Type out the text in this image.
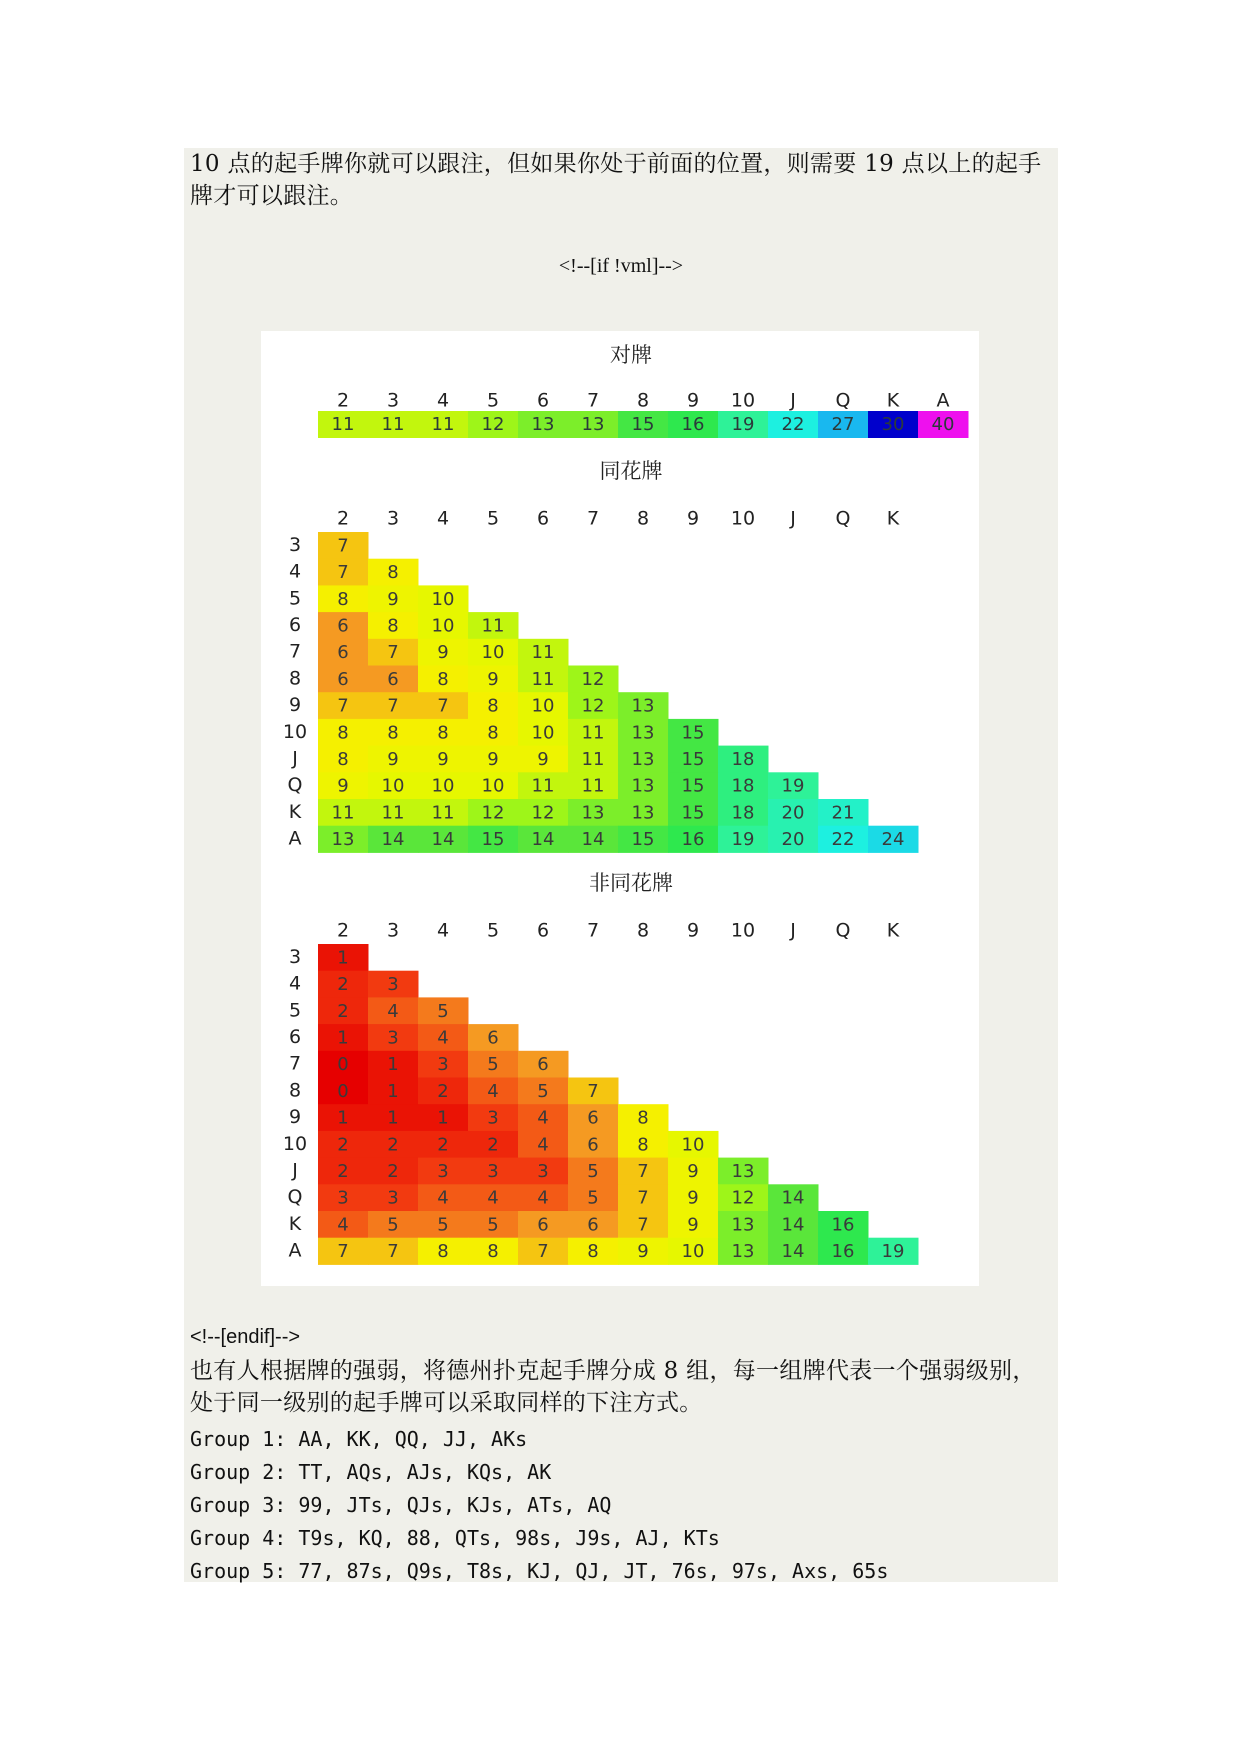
10 点的起手牌你就可以跟注，但如果你处于前面的位置，则需要 19 点以上的起手牌才可以跟注。
<!--[if !vml]-->
对牌
2 3 4 5 6 7 8 9 10 J Q K A
11 11 11 12 13 13 15 16 19 22 27 30 40
同花牌
2 3 4 5 6 7 8 9 10 J Q K
3 7
4 7 8
5 8 9 10
6 6 8 10 11
7 6 7 9 10 11
8 6 6 8 9 11 12
9 7 7 7 8 10 12 13
10 8 8 8 8 10 11 13 15
J 8 9 9 9 9 11 13 15 18
Q 9 10 10 10 11 11 13 15 18 19
K 11 11 11 12 12 13 13 15 18 20 21
A 13 14 14 15 14 14 15 16 19 20 22 24
非同花牌
2 3 4 5 6 7 8 9 10 J Q K
3 1
4 2 3
5 2 4 5
6 1 3 4 6
7 0 1 3 5 6
8 0 1 2 4 5 7
9 1 1 1 3 4 6 8
10 2 2 2 2 4 6 8 10
J 2 2 3 3 3 5 7 9 13
Q 3 3 4 4 4 5 7 9 12 14
K 4 5 5 5 6 6 7 9 13 14 16
A 7 7 8 8 7 8 9 10 13 14 16 19
<!--[endif]-->
也有人根据牌的强弱，将德州扑克起手牌分成 8 组，每一组牌代表一个强弱级别，处于同一级别的起手牌可以采取同样的下注方式。
Group 1: AA, KK, QQ, JJ, AKs
Group 2: TT, AQs, AJs, KQs, AK
Group 3: 99, JTs, QJs, KJs, ATs, AQ
Group 4: T9s, KQ, 88, QTs, 98s, J9s, AJ, KTs
Group 5: 77, 87s, Q9s, T8s, KJ, QJ, JT, 76s, 97s, Axs, 65s
